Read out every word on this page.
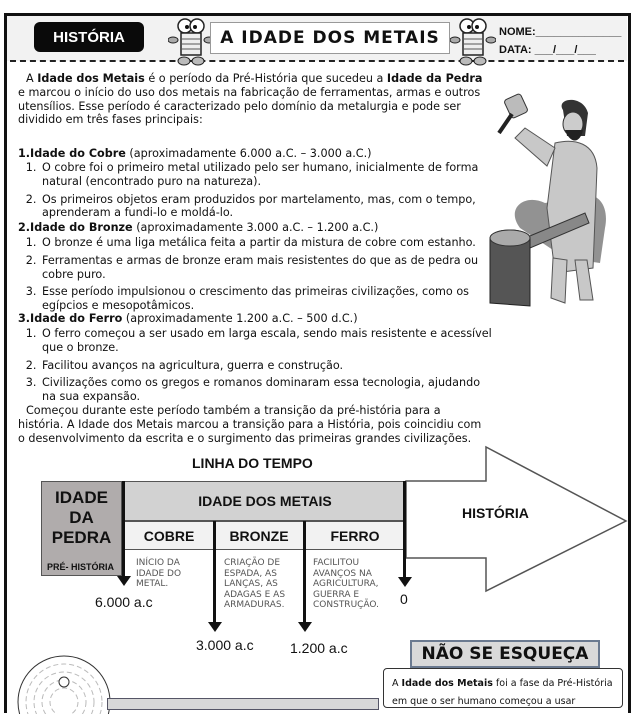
HISTÓRIA	A IDADE DOS METAIS	NOME:______________
DATA: ___/___/___
A Idade dos Metais é o período da Pré-História que sucedeu a Idade da Pedra e marcou o início do uso dos metais na fabricação de ferramentas, armas e outros utensílios. Esse período é caracterizado pelo domínio da metalurgia e pode ser dividido em três fases principais:
1.Idade do Cobre (aproximadamente 6.000 a.C. – 3.000 a.C.)
1. O cobre foi o primeiro metal utilizado pelo ser humano, inicialmente de forma natural (encontrado puro na natureza).
2. Os primeiros objetos eram produzidos por martelamento, mas, com o tempo, aprenderam a fundi-lo e moldá-lo.
2.Idade do Bronze (aproximadamente 3.000 a.C. – 1.200 a.C.)
1. O bronze é uma liga metálica feita a partir da mistura de cobre com estanho.
2. Ferramentas e armas de bronze eram mais resistentes do que as de pedra ou cobre puro.
3. Esse período impulsionou o crescimento das primeiras civilizações, como os egípcios e mesopotâmicos.
3.Idade do Ferro (aproximadamente 1.200 a.C. – 500 d.C.)
1. O ferro começou a ser usado em larga escala, sendo mais resistente e acessível que o bronze.
2. Facilitou avanços na agricultura, guerra e construção.
3. Civilizações como os gregos e romanos dominaram essa tecnologia, ajudando na sua expansão.
Começou durante este período também a transição da pré-história para a história. A Idade dos Metais marcou a transição para a História, pois coincidiu com o desenvolvimento da escrita e o surgimento das primeiras grandes civilizações.
LINHA DO TEMPO
HISTÓRIA
IDADE DA PEDRA
IDADE DOS METAIS
COBRE	BRONZE	FERRO
PRÉ- HISTÓRIA INÍCIO DA IDADE DO METAL.
CRIAÇÃO DE ESPADA, AS LANÇAS, AS ADAGAS E AS ARMADURAS.
FACILITOU AVANÇOS NA AGRICULTURA, GUERRA E CONSTRUÇÃO.
6.000 a.c
3.000 a.c	1.200 a.c
0
A Idade dos Metais foi a fase da Pré-História em que o ser humano começou a usar
NÃO SE ESQUEÇA
